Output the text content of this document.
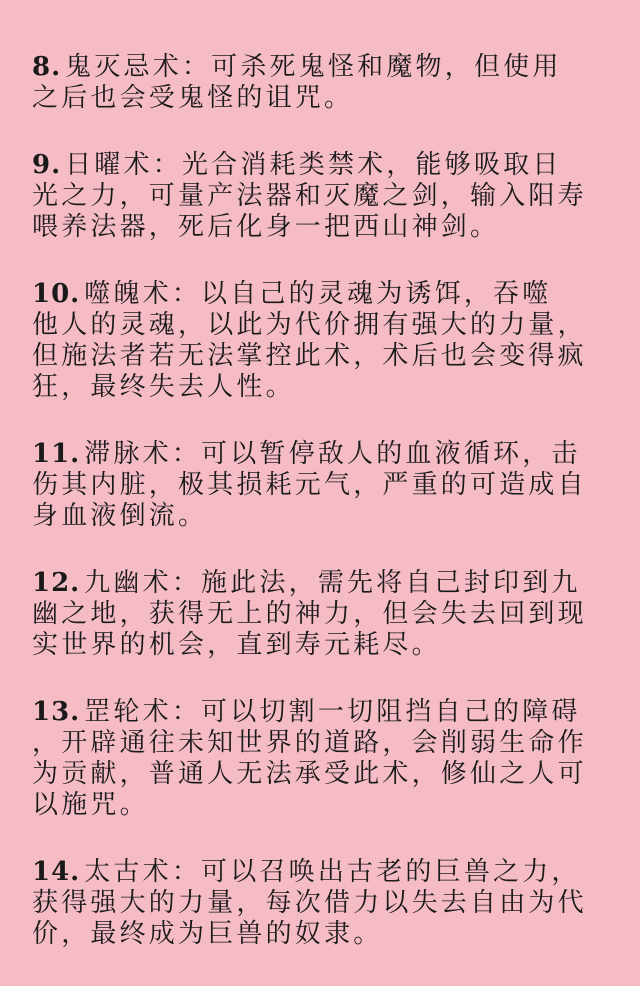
8. 鬼灭忌术：可杀死鬼怪和魔物，但使用
之后也会受鬼怪的诅咒。
9. 日曜术：光合消耗类禁术，能够吸取日
光之力，可量产法器和灭魔之剑，输入阳寿
喂养法器，死后化身一把西山神剑。
10. 噬魄术：以自己的灵魂为诱饵，吞噬
他人的灵魂，以此为代价拥有强大的力量，
但施法者若无法掌控此术，术后也会变得疯
狂，最终失去人性。
11. 滞脉术：可以暂停敌人的血液循环，击
伤其内脏，极其损耗元气，严重的可造成自
身血液倒流。
12. 九幽术：施此法，需先将自己封印到九
幽之地，获得无上的神力，但会失去回到现
实世界的机会，直到寿元耗尽。
13. 罡轮术：可以切割一切阻挡自己的障碍
，开辟通往未知世界的道路，会削弱生命作
为贡献，普通人无法承受此术，修仙之人可
以施咒。
14. 太古术：可以召唤出古老的巨兽之力，
获得强大的力量，每次借力以失去自由为代
价，最终成为巨兽的奴隶。
